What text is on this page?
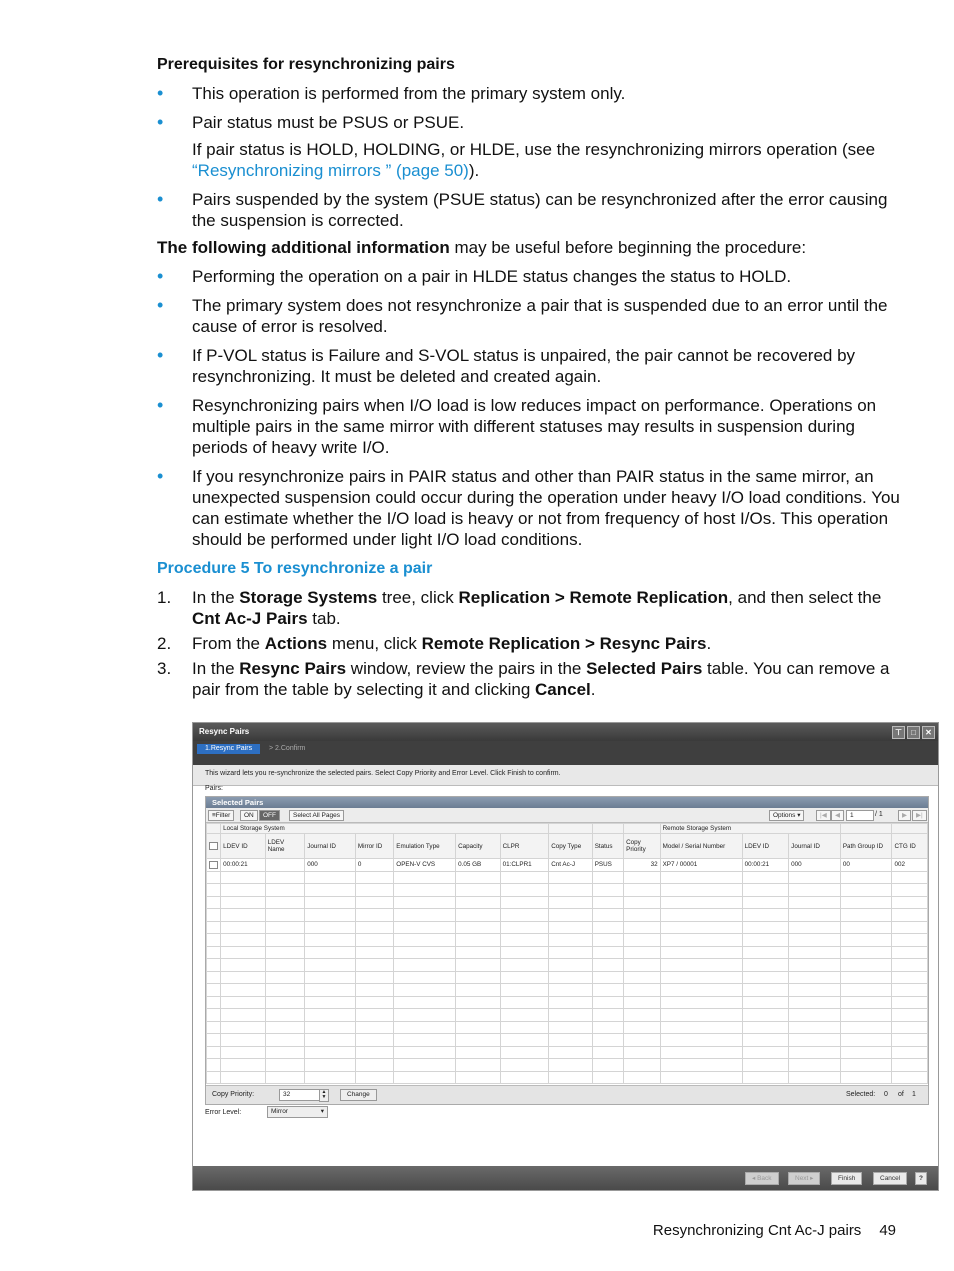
Prerequisites for resynchronizing pairs
• This operation is performed from the primary system only.
• Pair status must be PSUS or PSUE.
If pair status is HOLD, HOLDING, or HLDE, use the resynchronizing mirrors operation (see “Resynchronizing mirrors ” (page 50)).
• Pairs suspended by the system (PSUE status) can be resynchronized after the error causing the suspension is corrected.
The following additional information may be useful before beginning the procedure:
• Performing the operation on a pair in HLDE status changes the status to HOLD.
• The primary system does not resynchronize a pair that is suspended due to an error until the cause of error is resolved.
• If P-VOL status is Failure and S-VOL status is unpaired, the pair cannot be recovered by resynchronizing. It must be deleted and created again.
• Resynchronizing pairs when I/O load is low reduces impact on performance. Operations on multiple pairs in the same mirror with different statuses may results in suspension during periods of heavy write I/O.
• If you resynchronize pairs in PAIR status and other than PAIR status in the same mirror, an unexpected suspension could occur during the operation under heavy I/O load conditions. You can estimate whether the I/O load is heavy or not from frequency of host I/Os. This operation should be performed under light I/O load conditions.
Procedure 5 To resynchronize a pair
1. In the Storage Systems tree, click Replication > Remote Replication, and then select the Cnt Ac-J Pairs tab.
2. From the Actions menu, click Remote Replication > Resync Pairs.
3. In the Resync Pairs window, review the pairs in the Selected Pairs table. You can remove a pair from the table by selecting it and clicking Cancel.
Resync Pairs	⊤	□	✕
1.Resync Pairs	> 2.Confirm
This wizard lets you re-synchronize the selected pairs. Select Copy Priority and Error Level. Click Finish to confirm.
Pairs:
Selected Pairs
≡Filter	ON	OFF	Select All Pages	Options ▾	|◀	◀	1	/ 1	▶	▶|
	Local Storage System										Remote Storage System				
	LDEV ID	LDEV Name	Journal ID	Mirror ID	Emulation Type	Capacity	CLPR	Copy Type	Status	Copy Priority	Model / Serial Number	LDEV ID	Journal ID	Path Group ID	CTG ID
	00:00:21		000	0	OPEN-V CVS	0.05 GB	01:CLPR1	Cnt Ac-J	PSUS	32	XP7 / 00001	00:00:21	000	00	002

Copy Priority:	32	▲
▼	Change	Selected: 0 of 1
Error Level:	Mirror	▾
◂ Back	Next ▸	Finish	Cancel	?
Resynchronizing Cnt Ac-J pairs 49
